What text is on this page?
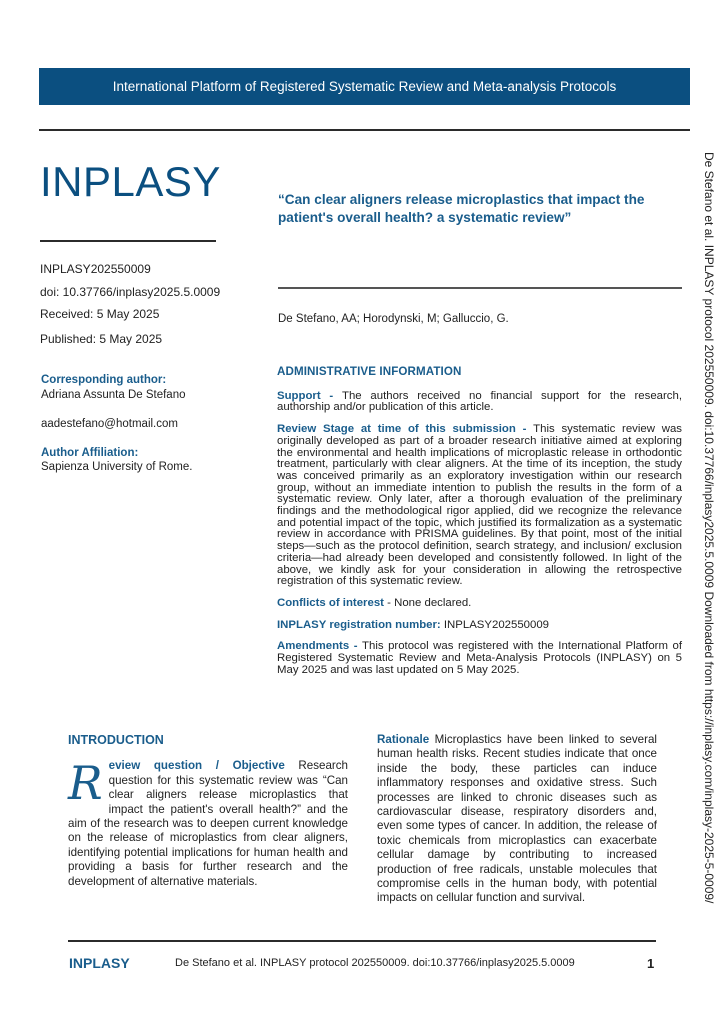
International Platform of Registered Systematic Review and Meta-analysis Protocols
INPLASY
INPLASY202550009
doi: 10.37766/inplasy2025.5.0009
Received: 5 May 2025
Published: 5 May 2025
“Can clear aligners release microplastics that impact the patient's overall health? a systematic review”
De Stefano, AA; Horodynski, M; Galluccio, G.
Corresponding author:
Adriana Assunta De Stefano
aadestefano@hotmail.com
Author Affiliation:
Sapienza University of Rome.
ADMINISTRATIVE INFORMATION

Support - The authors received no financial support for the research, authorship and/or publication of this article.

Review Stage at time of this submission - This systematic review was originally developed as part of a broader research initiative aimed at exploring the environmental and health implications of microplastic release in orthodontic treatment, particularly with clear aligners. At the time of its inception, the study was conceived primarily as an exploratory investigation within our research group, without an immediate intention to publish the results in the form of a systematic review. Only later, after a thorough evaluation of the preliminary findings and the methodological rigor applied, did we recognize the relevance and potential impact of the topic, which justified its formalization as a systematic review in accordance with PRISMA guidelines. By that point, most of the initial steps—such as the protocol definition, search strategy, and inclusion/ exclusion criteria—had already been developed and consistently followed. In light of the above, we kindly ask for your consideration in allowing the retrospective registration of this systematic review.

Conflicts of interest - None declared.

INPLASY registration number: INPLASY202550009

Amendments - This protocol was registered with the International Platform of Registered Systematic Review and Meta-Analysis Protocols (INPLASY) on 5 May 2025 and was last updated on 5 May 2025.

INTRODUCTION

Review question / Objective Research question for this systematic review was “Can clear aligners release microplastics that impact the patient's overall health?” and the aim of the research was to deepen current knowledge on the release of microplastics from clear aligners, identifying potential implications for human health and providing a basis for further research and the development of alternative materials.

Rationale Microplastics have been linked to several human health risks. Recent studies indicate that once inside the body, these particles can induce inflammatory responses and oxidative stress. Such processes are linked to chronic diseases such as cardiovascular disease, respiratory disorders and, even some types of cancer. In addition, the release of toxic chemicals from microplastics can exacerbate cellular damage by contributing to increased production of free radicals, unstable molecules that compromise cells in the human body, with potential impacts on cellular function and survival.

INPLASY	De Stefano et al. INPLASY protocol 202550009. doi:10.37766/inplasy2025.5.0009	1
De Stefano et al. INPLASY protocol 202550009. doi:10.37766/inplasy2025.5.0009 Downloaded from https://inplasy.com/inplasy-2025-5-0009/
